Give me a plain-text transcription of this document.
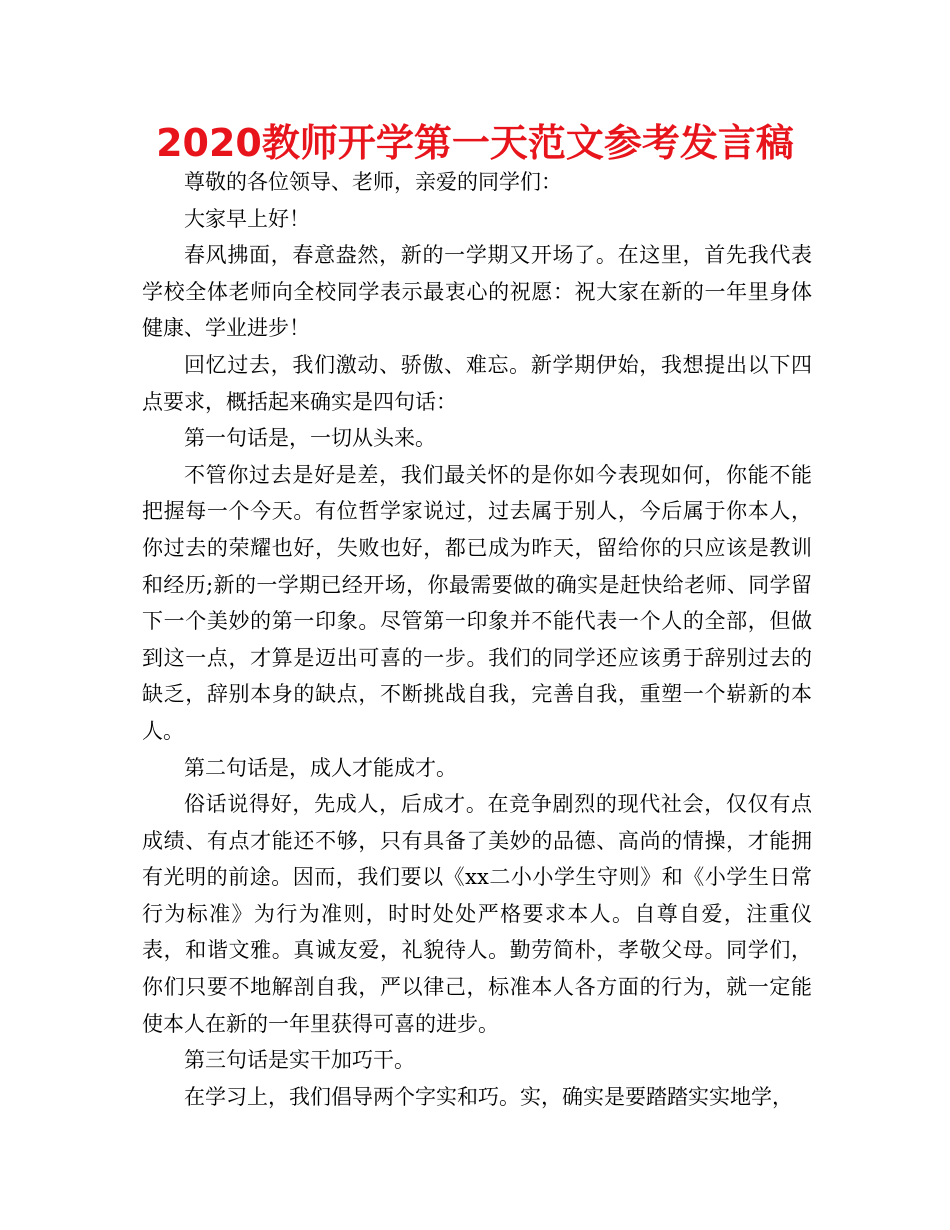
2020教师开学第一天范文参考发言稿

尊敬的各位领导、老师，亲爱的同学们：

大家早上好！

春风拂面，春意盎然，新的一学期又开场了。在这里，首先我代表学校全体老师向全校同学表示最衷心的祝愿：祝大家在新的一年里身体健康、学业进步！

回忆过去，我们激动、骄傲、难忘。新学期伊始，我想提出以下四点要求，概括起来确实是四句话：

第一句话是，一切从头来。

不管你过去是好是差，我们最关怀的是你如今表现如何，你能不能把握每一个今天。有位哲学家说过，过去属于别人，今后属于你本人，你过去的荣耀也好，失败也好，都已成为昨天，留给你的只应该是教训和经历;新的一学期已经开场，你最需要做的确实是赶快给老师、同学留下一个美妙的第一印象。尽管第一印象并不能代表一个人的全部，但做到这一点，才算是迈出可喜的一步。我们的同学还应该勇于辞别过去的缺乏，辞别本身的缺点，不断挑战自我，完善自我，重塑一个崭新的本人。

第二句话是，成人才能成才。

俗话说得好，先成人，后成才。在竞争剧烈的现代社会，仅仅有点成绩、有点才能还不够，只有具备了美妙的品德、高尚的情操，才能拥有光明的前途。因而，我们要以《xx二小小学生守则》和《小学生日常行为标准》为行为准则，时时处处严格要求本人。自尊自爱，注重仪表，和谐文雅。真诚友爱，礼貌待人。勤劳简朴，孝敬父母。同学们，你们只要不地解剖自我，严以律己，标准本人各方面的行为，就一定能使本人在新的一年里获得可喜的进步。

第三句话是实干加巧干。

在学习上，我们倡导两个字实和巧。实，确实是要踏踏实实地学，
